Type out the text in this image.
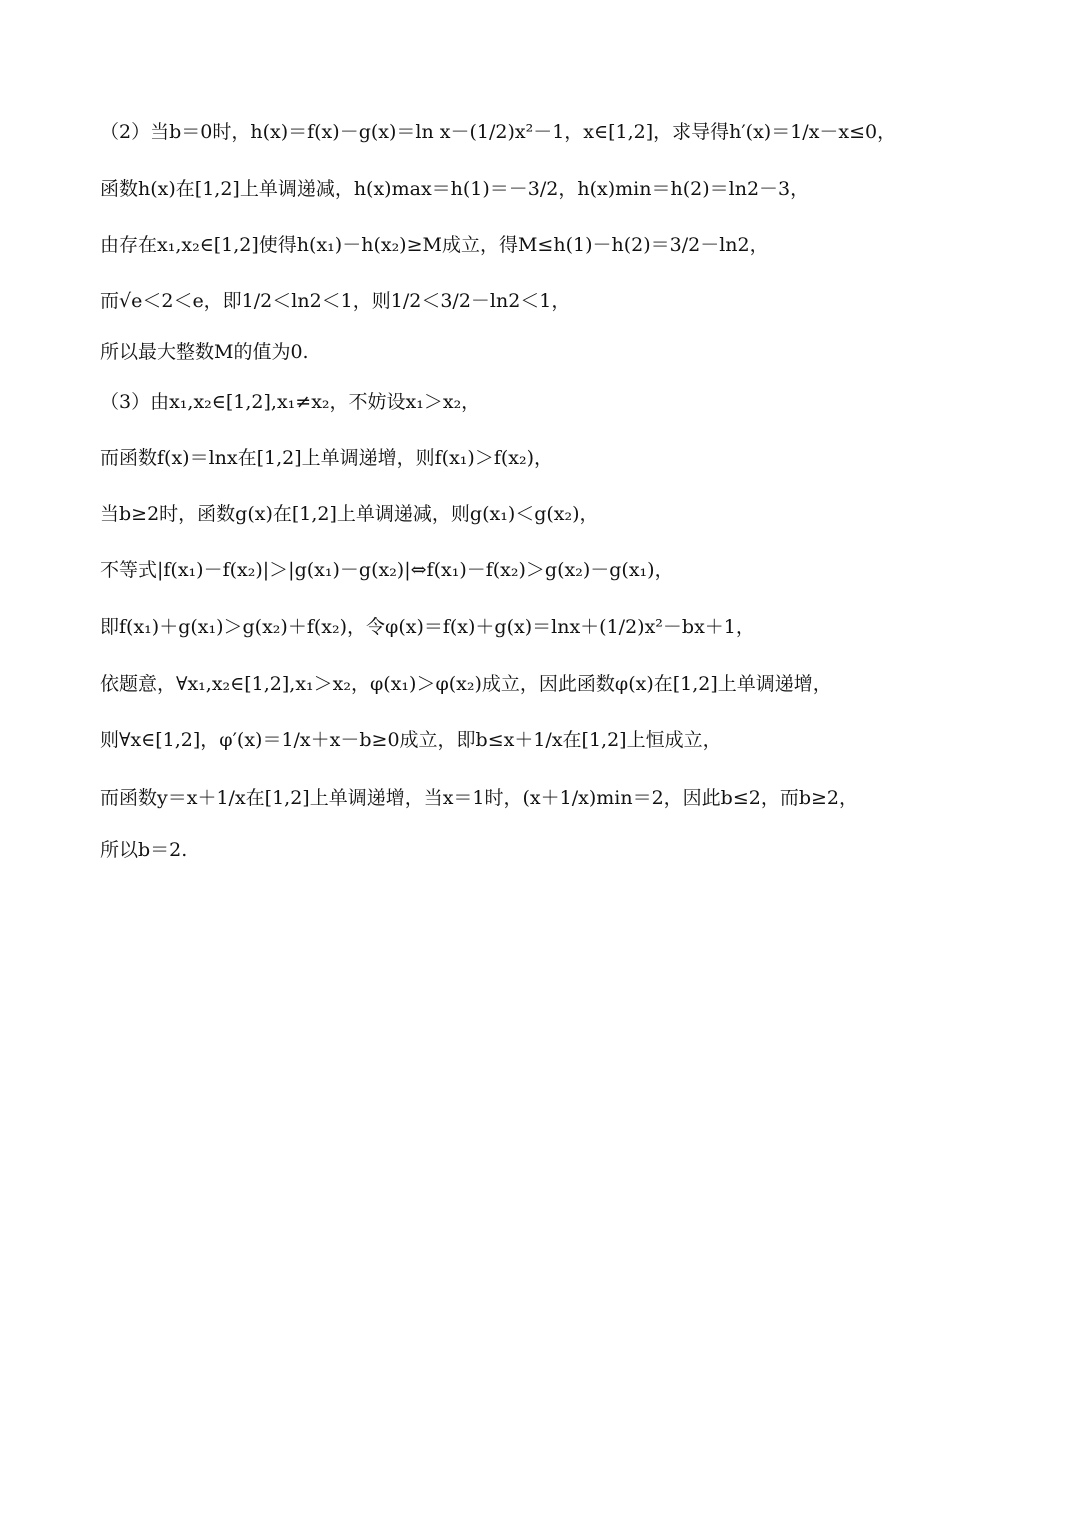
（2）当b＝0时，h(x)＝f(x)－g(x)＝ln x－(1/2)x²－1，x∈[1,2]，求导得h′(x)＝1/x－x≤0，
函数h(x)在[1,2]上单调递减，h(x)max＝h(1)＝－3/2，h(x)min＝h(2)＝ln2－3，
由存在x₁,x₂∈[1,2]使得h(x₁)－h(x₂)≥M成立，得M≤h(1)－h(2)＝3/2－ln2，
而√e＜2＜e，即1/2＜ln2＜1，则1/2＜3/2－ln2＜1，
所以最大整数M的值为0.
（3）由x₁,x₂∈[1,2],x₁≠x₂，不妨设x₁＞x₂，
而函数f(x)＝lnx在[1,2]上单调递增，则f(x₁)＞f(x₂)，
当b≥2时，函数g(x)在[1,2]上单调递减，则g(x₁)＜g(x₂)，
不等式|f(x₁)－f(x₂)|＞|g(x₁)－g(x₂)|⇔f(x₁)－f(x₂)＞g(x₂)－g(x₁)，
即f(x₁)＋g(x₁)＞g(x₂)＋f(x₂)，令φ(x)＝f(x)＋g(x)＝lnx＋(1/2)x²－bx＋1，
依题意，∀x₁,x₂∈[1,2],x₁＞x₂，φ(x₁)＞φ(x₂)成立，因此函数φ(x)在[1,2]上单调递增，
则∀x∈[1,2]，φ′(x)＝1/x＋x－b≥0成立，即b≤x＋1/x在[1,2]上恒成立，
而函数y＝x＋1/x在[1,2]上单调递增，当x＝1时，(x＋1/x)min＝2，因此b≤2，而b≥2，
所以b＝2.
